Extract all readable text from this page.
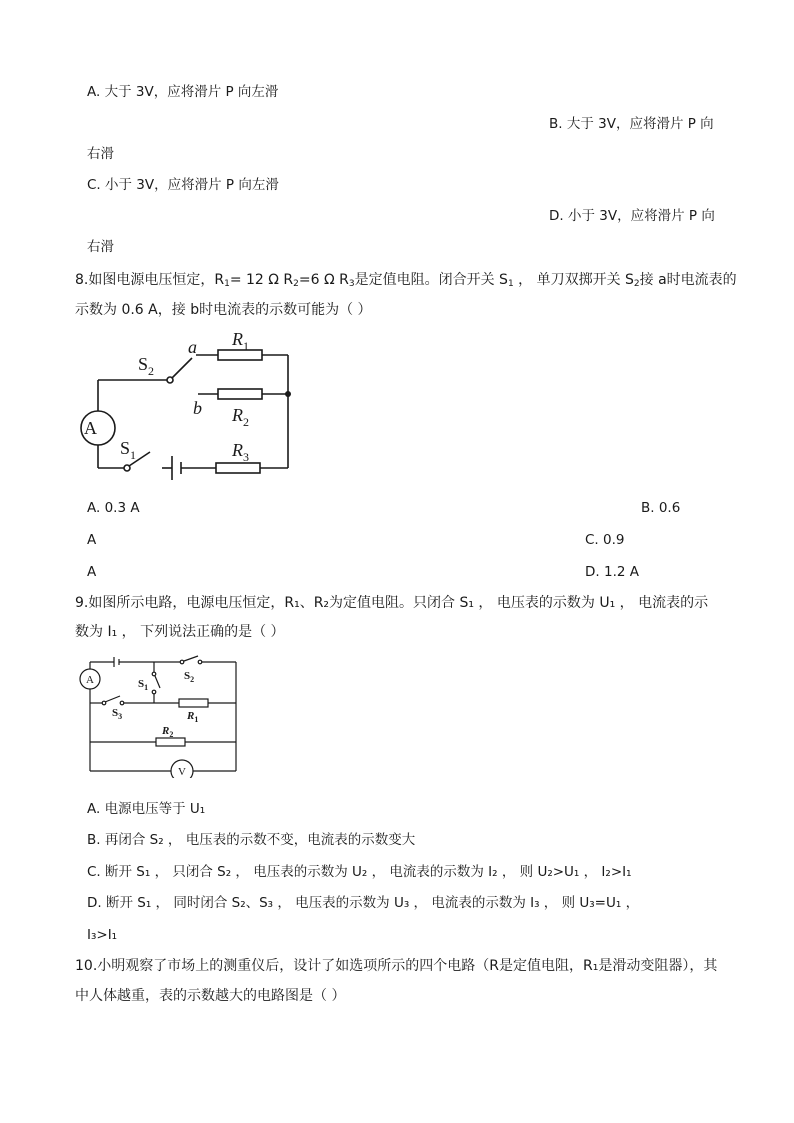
A. 大于 3V，应将滑片 P 向左滑
B. 大于 3V，应将滑片 P 向
右滑
C. 小于 3V，应将滑片 P 向左滑
D. 小于 3V，应将滑片 P 向
右滑
8.如图电源电压恒定，$R_1= 12$ Ω $R_2=6$ Ω $R_3$是定值电阻。闭合开关 $S_1$ ， 单刀双掷开关 $S_2$接 a时电流表的
示数为 0.6 A，接 b时电流表的示数可能为（ ）
A
$S_2$
a
b
$R_1$
$R_2$
$R_3$
$S_1$
A. 0.3 A	B. 0.6
A	C. 0.9
A	D. 1.2 A
9.如图所示电路，电源电压恒定，R₁、R₂为定值电阻。只闭合 S₁ ， 电压表的示数为 U₁ ， 电流表的示
数为 I₁ ， 下列说法正确的是（ ）
A
V
$S_1$
$S_2$
$S_3$	$R_1$
$R_2$
A. 电源电压等于 U₁
B. 再闭合 S₂ ， 电压表的示数不变，电流表的示数变大
C. 断开 S₁ ， 只闭合 S₂ ， 电压表的示数为 U₂ ， 电流表的示数为 I₂ ， 则 U₂>U₁ ， I₂>I₁
D. 断开 S₁ ， 同时闭合 S₂、S₃ ， 电压表的示数为 U₃ ， 电流表的示数为 I₃ ， 则 U₃=U₁ ，
I₃>I₁
10.小明观察了市场上的测重仪后，设计了如选项所示的四个电路（R是定值电阻，R₁是滑动变阻器），其
中人体越重，表的示数越大的电路图是（ ）
